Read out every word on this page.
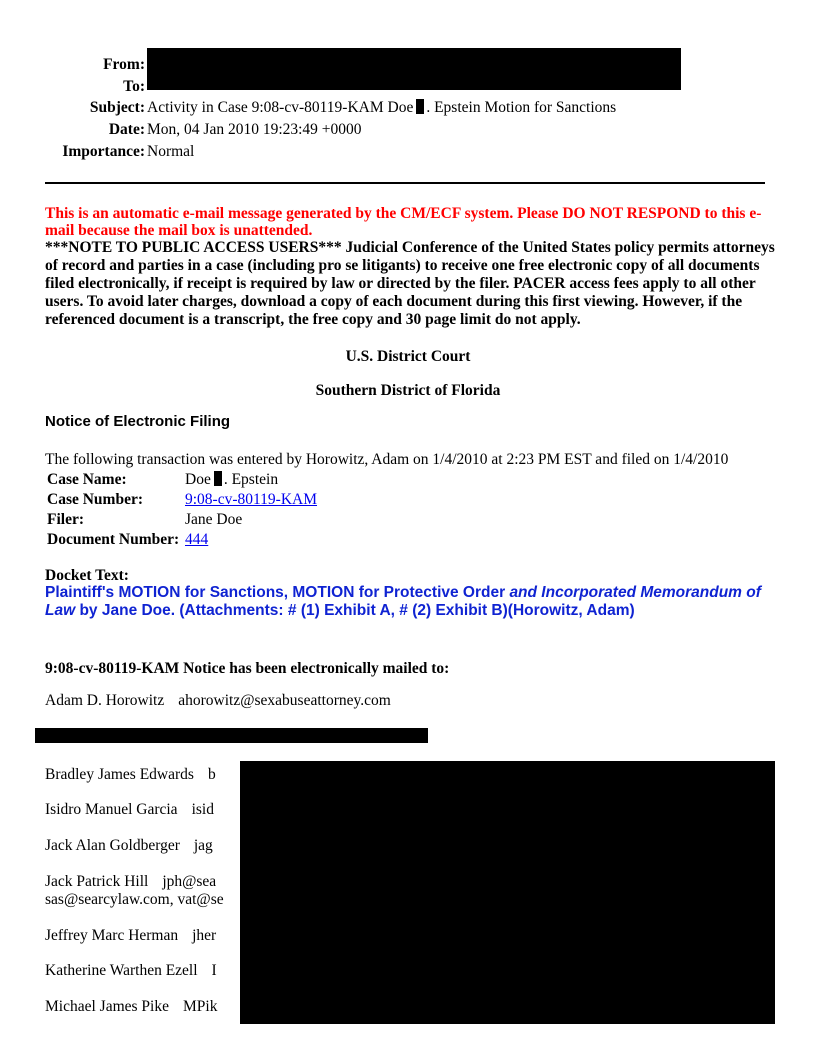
From:
To:
Subject: Activity in Case 9:08-cv-80119-KAM Doe . Epstein Motion for Sanctions
Date: Mon, 04 Jan 2010 19:23:49 +0000
Importance: Normal
This is an automatic e-mail message generated by the CM/ECF system. Please DO NOT RESPOND to this e-mail because the mail box is unattended.
***NOTE TO PUBLIC ACCESS USERS*** Judicial Conference of the United States policy permits attorneys of record and parties in a case (including pro se litigants) to receive one free electronic copy of all documents filed electronically, if receipt is required by law or directed by the filer. PACER access fees apply to all other users. To avoid later charges, download a copy of each document during this first viewing. However, if the referenced document is a transcript, the free copy and 30 page limit do not apply.
U.S. District Court
Southern District of Florida
Notice of Electronic Filing
The following transaction was entered by Horowitz, Adam on 1/4/2010 at 2:23 PM EST and filed on 1/4/2010
Case Name:	Doe . Epstein
Case Number:	9:08-cv-80119-KAM
Filer:	Jane Doe
Document Number: 444
Docket Text:
Plaintiff's MOTION for Sanctions, MOTION for Protective Order and Incorporated Memorandum of Law by Jane Doe. (Attachments: # (1) Exhibit A, # (2) Exhibit B)(Horowitz, Adam)
9:08-cv-80119-KAM Notice has been electronically mailed to:
Adam D. Horowitz ahorowitz@sexabuseattorney.com
Bradley James Edwards b
Isidro Manuel Garcia isid
Jack Alan Goldberger jag
Jack Patrick Hill jph@sea
sas@searcylaw.com, vat@se
Jeffrey Marc Herman jher
Katherine Warthen Ezell I
Michael James Pike MPik
